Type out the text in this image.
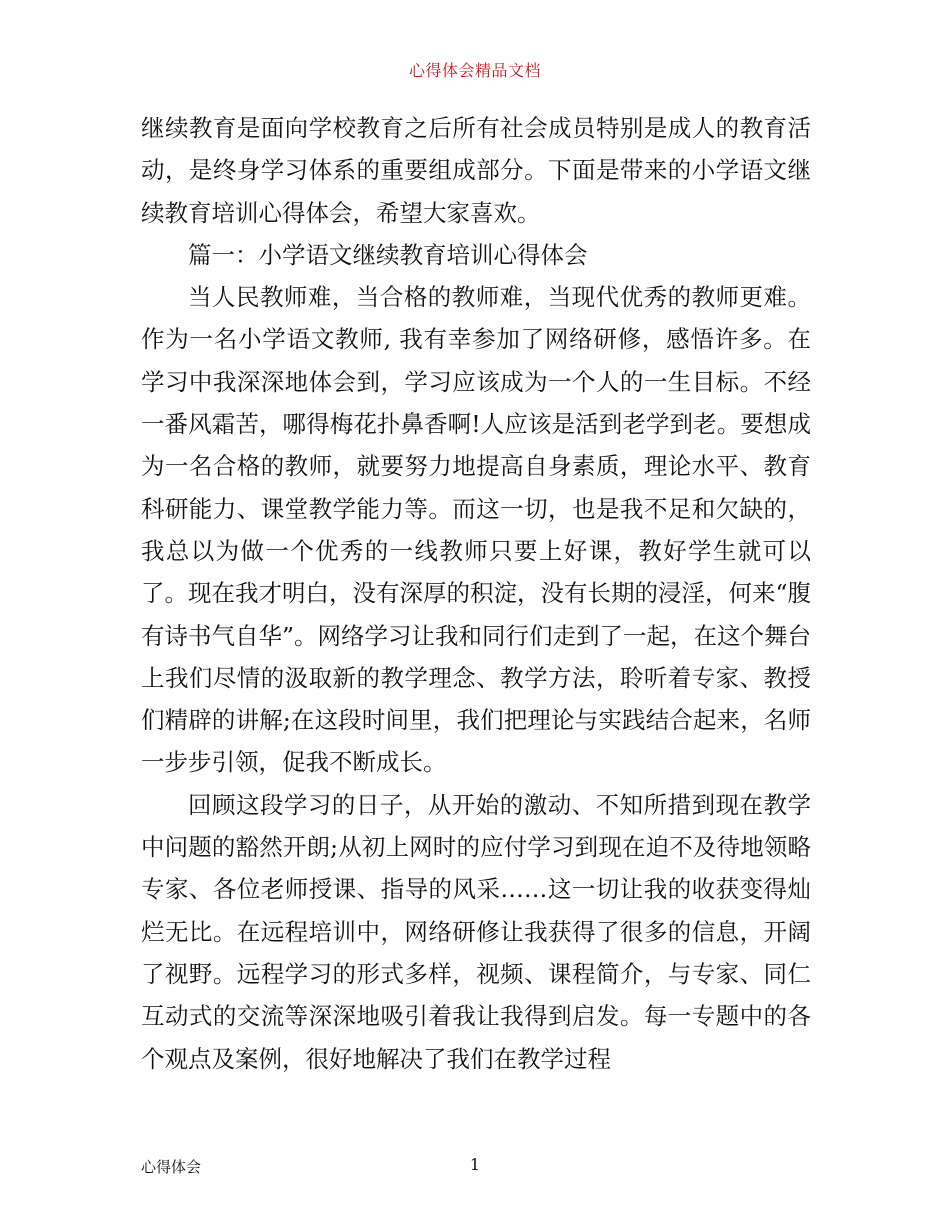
心得体会精品文档

继续教育是面向学校教育之后所有社会成员特别是成人的教育活动，是终身学习体系的重要组成部分。下面是带来的小学语文继续教育培训心得体会，希望大家喜欢。

篇一：小学语文继续教育培训心得体会

当人民教师难，当合格的教师难，当现代优秀的教师更难。作为一名小学语文教师, 我有幸参加了网络研修，感悟许多。在学习中我深深地体会到，学习应该成为一个人的一生目标。不经一番风霜苦，哪得梅花扑鼻香啊!人应该是活到老学到老。要想成为一名合格的教师，就要努力地提高自身素质，理论水平、教育科研能力、课堂教学能力等。而这一切，也是我不足和欠缺的，我总以为做一个优秀的一线教师只要上好课，教好学生就可以了。现在我才明白，没有深厚的积淀，没有长期的浸淫，何来“腹有诗书气自华”。网络学习让我和同行们走到了一起，在这个舞台上我们尽情的汲取新的教学理念、教学方法，聆听着专家、教授们精辟的讲解;在这段时间里，我们把理论与实践结合起来，名师一步步引领，促我不断成长。

回顾这段学习的日子，从开始的激动、不知所措到现在教学中问题的豁然开朗;从初上网时的应付学习到现在迫不及待地领略专家、各位老师授课、指导的风采……这一切让我的收获变得灿烂无比。在远程培训中，网络研修让我获得了很多的信息，开阔了视野。远程学习的形式多样，视频、课程简介，与专家、同仁互动式的交流等深深地吸引着我让我得到启发。每一专题中的各个观点及案例，很好地解决了我们在教学过程

心得体会	1
